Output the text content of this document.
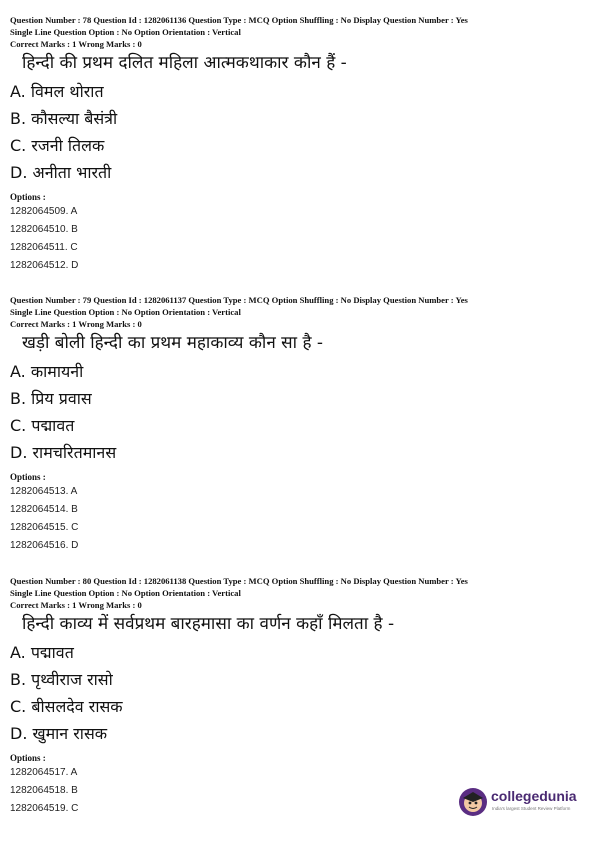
Question Number : 78 Question Id : 1282061136 Question Type : MCQ Option Shuffling : No Display Question Number : Yes
Single Line Question Option : No Option Orientation : Vertical
Correct Marks : 1 Wrong Marks : 0
हिन्दी की प्रथम दलित महिला आत्मकथाकार कौन हैं -
A. विमल थोरात
B. कौसल्या बैसंत्री
C. रजनी तिलक
D. अनीता भारती
Options :
1282064509. A
1282064510. B
1282064511. C
1282064512. D
Question Number : 79 Question Id : 1282061137 Question Type : MCQ Option Shuffling : No Display Question Number : Yes
Single Line Question Option : No Option Orientation : Vertical
Correct Marks : 1 Wrong Marks : 0
खड़ी बोली हिन्दी का प्रथम महाकाव्य कौन सा है -
A. कामायनी
B. प्रिय प्रवास
C. पद्मावत
D. रामचरितमानस
Options :
1282064513. A
1282064514. B
1282064515. C
1282064516. D
Question Number : 80 Question Id : 1282061138 Question Type : MCQ Option Shuffling : No Display Question Number : Yes
Single Line Question Option : No Option Orientation : Vertical
Correct Marks : 1 Wrong Marks : 0
हिन्दी काव्य में सर्वप्रथम बारहमासा का वर्णन कहाँ मिलता है -
A. पद्मावत
B. पृथ्वीराज रासो
C. बीसलदेव रासक
D. खुमान रासक
Options :
1282064517. A
1282064518. B
1282064519. C
collegedunia
India's largest Student Review Platform
